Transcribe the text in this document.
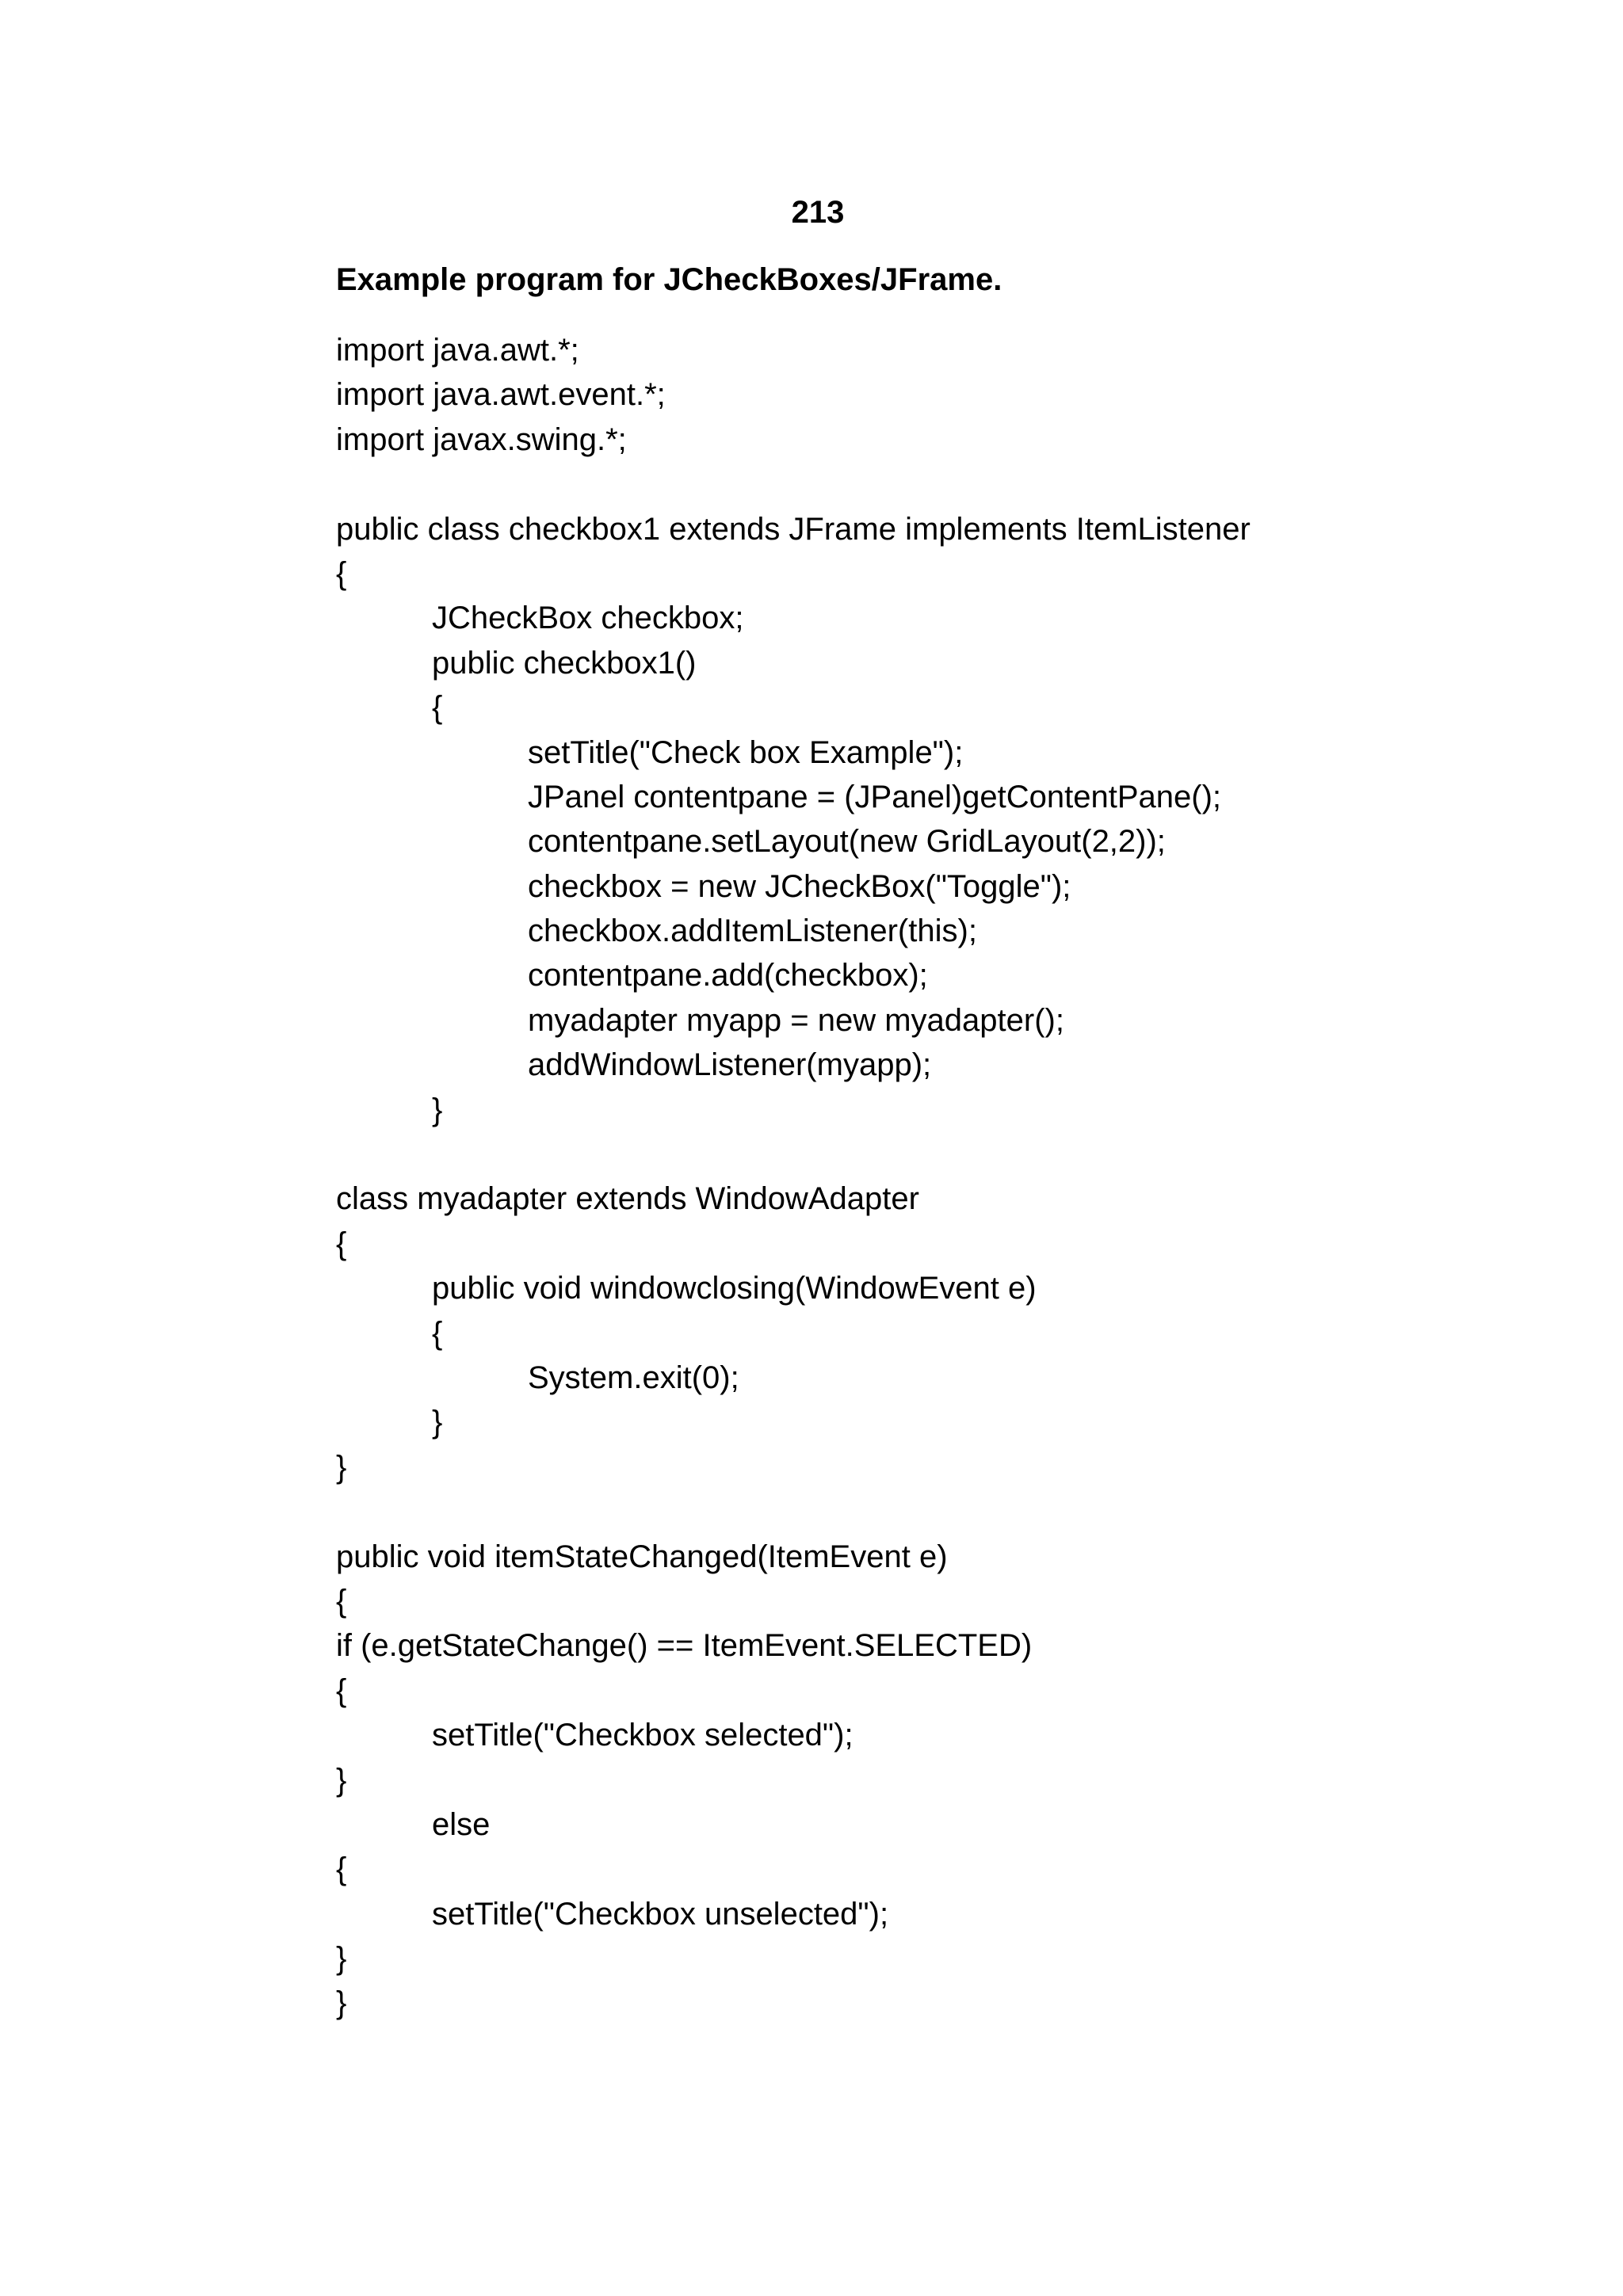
213
Example program for JCheckBoxes/JFrame.
import java.awt.*;
import java.awt.event.*;
import javax.swing.*;
public class checkbox1 extends JFrame implements ItemListener
{
JCheckBox checkbox;
public checkbox1()
{
setTitle("Check box Example");
JPanel contentpane = (JPanel)getContentPane();
contentpane.setLayout(new GridLayout(2,2));
checkbox = new JCheckBox("Toggle");
checkbox.addItemListener(this);
contentpane.add(checkbox);
myadapter myapp = new myadapter();
addWindowListener(myapp);
}
class myadapter extends WindowAdapter
{
public void windowclosing(WindowEvent e)
{
System.exit(0);
}
}
public void itemStateChanged(ItemEvent e)
{
if (e.getStateChange() == ItemEvent.SELECTED)
{
setTitle("Checkbox selected");
}
else
{
setTitle("Checkbox unselected");
}
}
